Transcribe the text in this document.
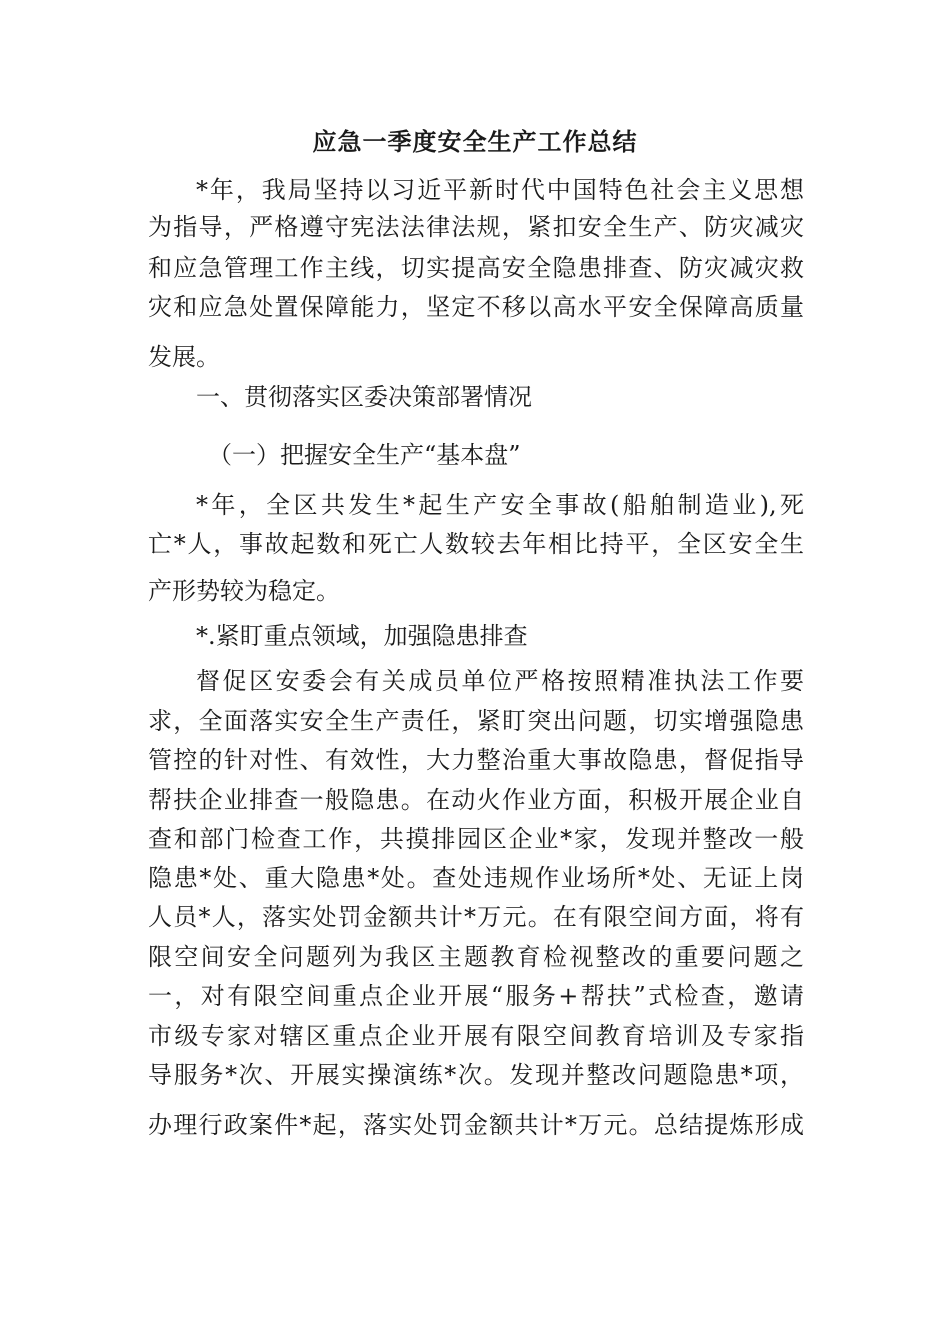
应急一季度安全生产工作总结
*年，我局坚持以习近平新时代中国特色社会主义思想
为指导，严格遵守宪法法律法规，紧扣安全生产、防灾减灾
和应急管理工作主线，切实提高安全隐患排查、防灾减灾救
灾和应急处置保障能力，坚定不移以高水平安全保障高质量
发展。
一、贯彻落实区委决策部署情况
（一）把握安全生产“基本盘”
*年，全区共发生*起生产安全事故(船舶制造业),死
亡*人，事故起数和死亡人数较去年相比持平，全区安全生
产形势较为稳定。
*.紧盯重点领域，加强隐患排查
督促区安委会有关成员单位严格按照精准执法工作要
求，全面落实安全生产责任，紧盯突出问题，切实增强隐患
管控的针对性、有效性，大力整治重大事故隐患，督促指导
帮扶企业排查一般隐患。在动火作业方面，积极开展企业自
查和部门检查工作，共摸排园区企业*家，发现并整改一般
隐患*处、重大隐患*处。查处违规作业场所*处、无证上岗
人员*人，落实处罚金额共计*万元。在有限空间方面，将有
限空间安全问题列为我区主题教育检视整改的重要问题之
一，对有限空间重点企业开展“服务+帮扶”式检查，邀请
市级专家对辖区重点企业开展有限空间教育培训及专家指
导服务*次、开展实操演练*次。发现并整改问题隐患*项，
办理行政案件*起，落实处罚金额共计*万元。总结提炼形成
